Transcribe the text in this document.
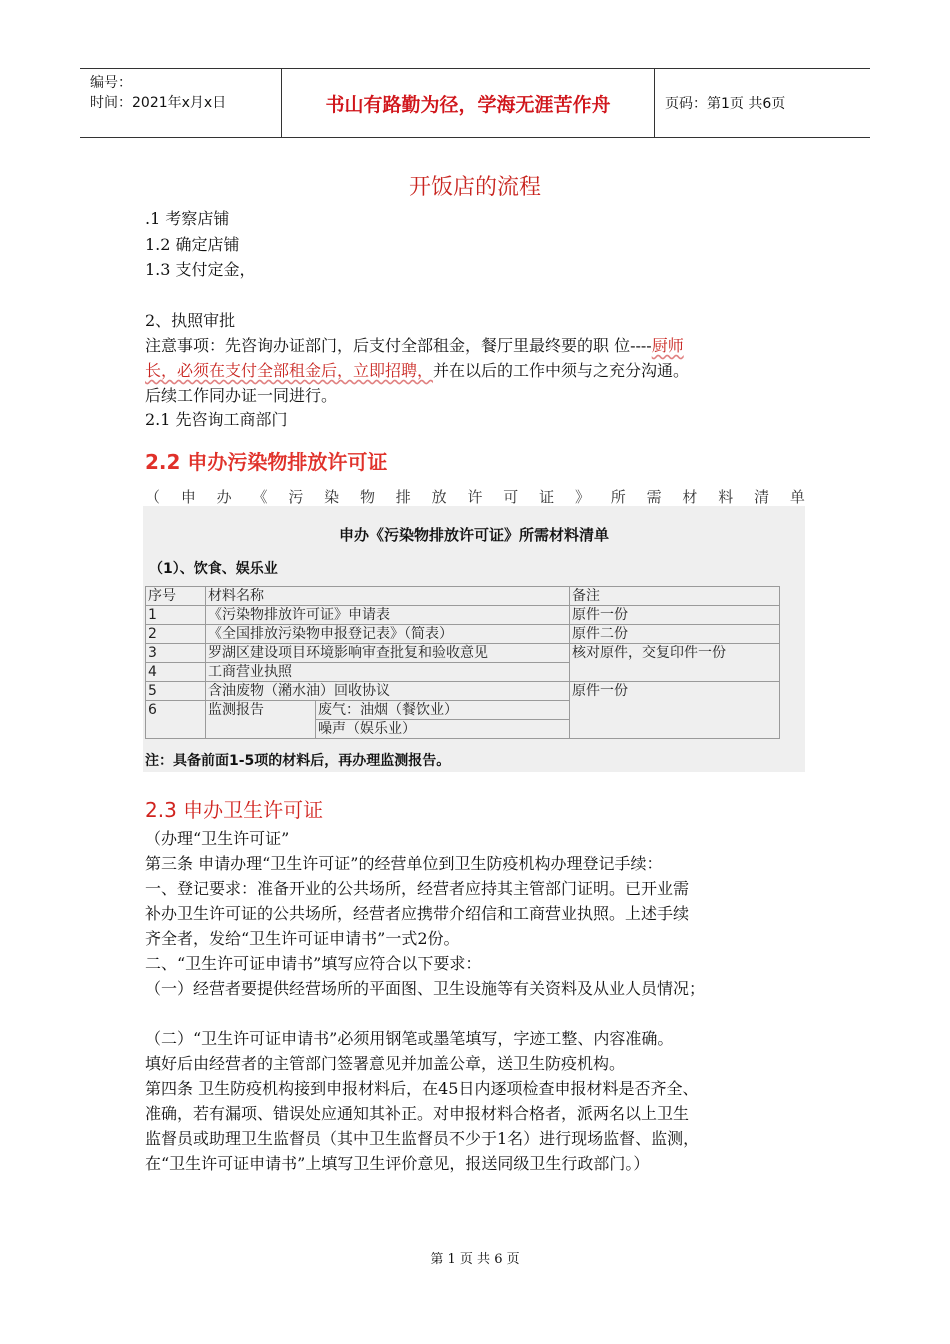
编号：
时间：2021年x月x日	书山有路勤为径，学海无涯苦作舟	页码：第1页 共6页
开饭店的流程
.1 考察店铺
1.2 确定店铺
1.3 支付定金，
2、执照审批
注意事项：先咨询办证部门，后支付全部租金，餐厅里最终要的职 位----厨师
长，必须在支付全部租金后，立即招聘，并在以后的工作中须与之充分沟通。
后续工作同办证一同进行。
2.1 先咨询工商部门
2.2 申办污染物排放许可证
（ 申 办 《 污 染 物 排 放 许 可 证 》 所 需 材 料 清 单
申办《污染物排放许可证》所需材料清单
（1）、饮食、娱乐业
序号	材料名称		备注
1	《污染物排放许可证》申请表		原件一份
2	《全国排放污染物申报登记表》（简表）		原件二份
3	罗湖区建设项目环境影响审查批复和验收意见		核对原件，交复印件一份
4	工商营业执照		
5	含油废物（潲水油）回收协议		原件一份
6	监测报告	废气：油烟（餐饮业）	
		噪声（娱乐业）	
注：具备前面1-5项的材料后，再办理监测报告。
2.3 申办卫生许可证
（办理“卫生许可证”
第三条 申请办理“卫生许可证”的经营单位到卫生防疫机构办理登记手续：
一、登记要求：准备开业的公共场所，经营者应持其主管部门证明。已开业需
补办卫生许可证的公共场所，经营者应携带介绍信和工商营业执照。上述手续
齐全者，发给“卫生许可证申请书”一式2份。
二、“卫生许可证申请书”填写应符合以下要求：
（一）经营者要提供经营场所的平面图、卫生设施等有关资料及从业人员情况；
（二）“卫生许可证申请书”必须用钢笔或墨笔填写，字迹工整、内容准确。
填好后由经营者的主管部门签署意见并加盖公章，送卫生防疫机构。
第四条 卫生防疫机构接到申报材料后，在45日内逐项检查申报材料是否齐全、
准确，若有漏项、错误处应通知其补正。对申报材料合格者，派两名以上卫生
监督员或助理卫生监督员（其中卫生监督员不少于1名）进行现场监督、监测，
在“卫生许可证申请书”上填写卫生评价意见，报送同级卫生行政部门。）
第 1 页 共 6 页
